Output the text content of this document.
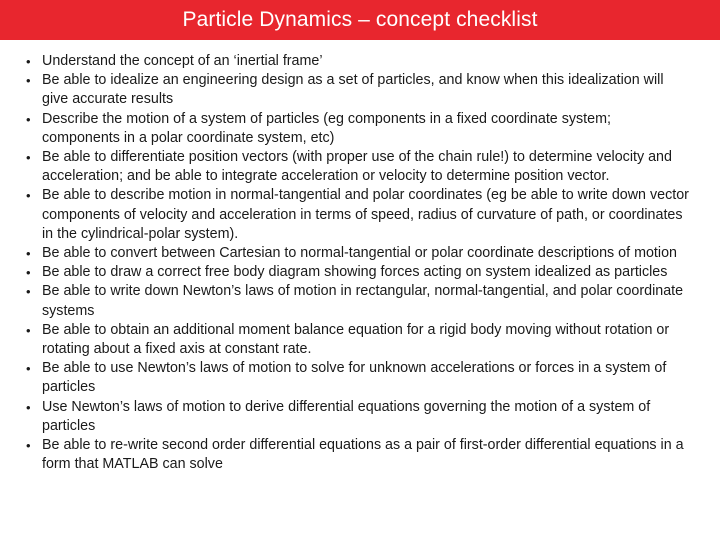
Particle Dynamics – concept checklist
• Understand the concept of an ‘inertial frame’
• Be able to idealize an engineering design as a set of particles, and know when this idealization will give accurate results
• Describe the motion of a system of particles (eg components in a fixed coordinate system; components in a polar coordinate system, etc)
• Be able to differentiate position vectors (with proper use of the chain rule!) to determine velocity and acceleration; and be able to integrate acceleration or velocity to determine position vector.
• Be able to describe motion in normal-tangential and polar coordinates (eg be able to write down vector components of velocity and acceleration in terms of speed, radius of curvature of path, or coordinates in the cylindrical-polar system).
• Be able to convert between Cartesian to normal-tangential or polar coordinate descriptions of motion
• Be able to draw a correct free body diagram showing forces acting on system idealized as particles
• Be able to write down Newton’s laws of motion in rectangular, normal-tangential, and polar coordinate systems
• Be able to obtain an additional moment balance equation for a rigid body moving without rotation or rotating about a fixed axis at constant rate.
• Be able to use Newton’s laws of motion to solve for unknown accelerations or forces in a system of particles
• Use Newton’s laws of motion to derive differential equations governing the motion of a system of particles
• Be able to re-write second order differential equations as a pair of first-order differential equations in a form that MATLAB can solve
